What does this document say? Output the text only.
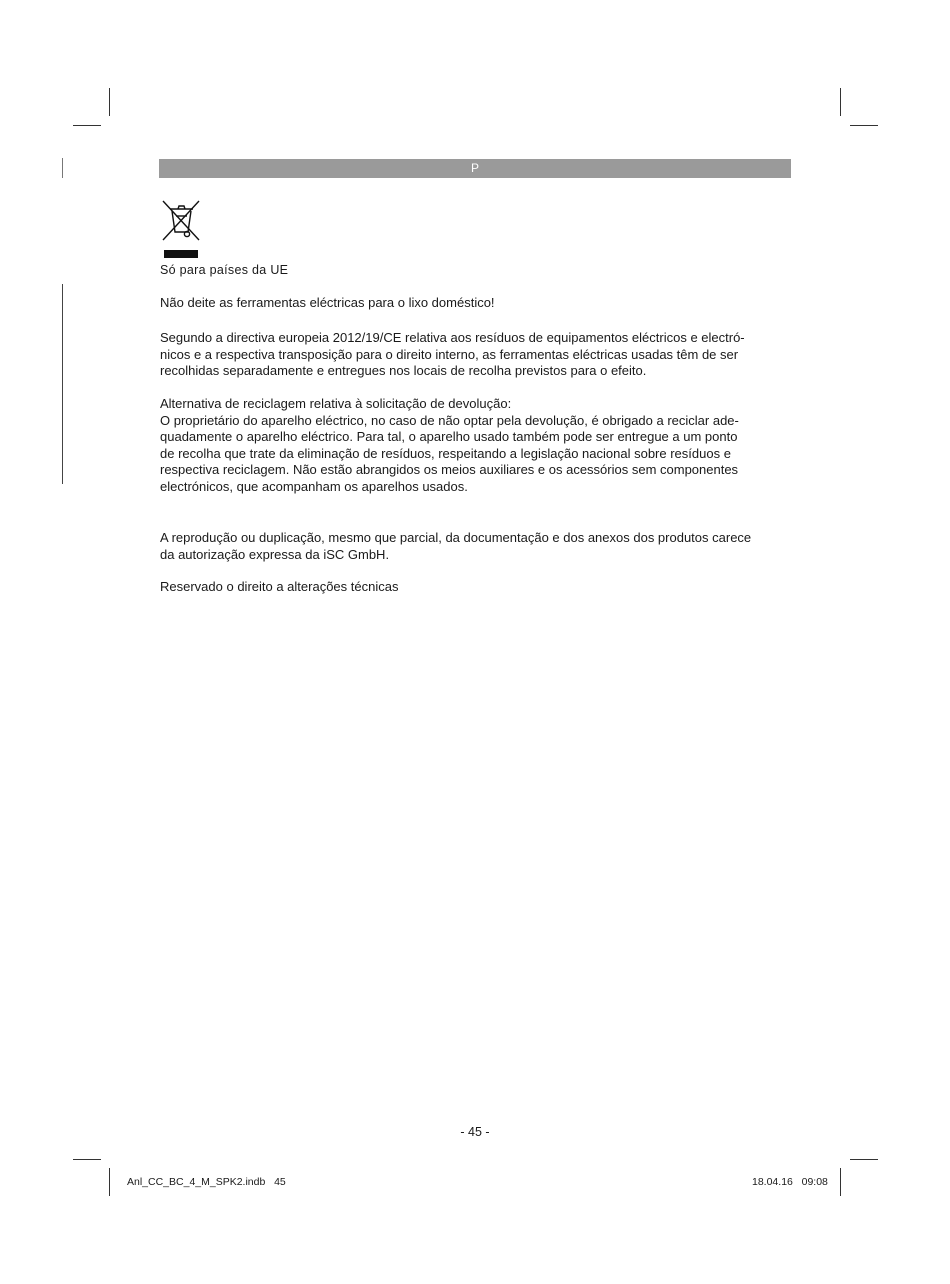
P
Só para países da UE
Não deite as ferramentas eléctricas para o lixo doméstico!
Segundo a directiva europeia 2012/19/CE relativa aos resíduos de equipamentos eléctricos e electró-
nicos e a respectiva transposição para o direito interno, as ferramentas eléctricas usadas têm de ser
recolhidas separadamente e entregues nos locais de recolha previstos para o efeito.
Alternativa de reciclagem relativa à solicitação de devolução:
O proprietário do aparelho eléctrico, no caso de não optar pela devolução, é obrigado a reciclar ade-
quadamente o aparelho eléctrico. Para tal, o aparelho usado também pode ser entregue a um ponto
de recolha que trate da eliminação de resíduos, respeitando a legislação nacional sobre resíduos e
respectiva reciclagem. Não estão abrangidos os meios auxiliares e os acessórios sem componentes
electrónicos, que acompanham os aparelhos usados.
A reprodução ou duplicação, mesmo que parcial, da documentação e dos anexos dos produtos carece
da autorização expressa da iSC GmbH.
Reservado o direito a alterações técnicas
- 45 -
Anl_CC_BC_4_M_SPK2.indb   45	18.04.16   09:08
